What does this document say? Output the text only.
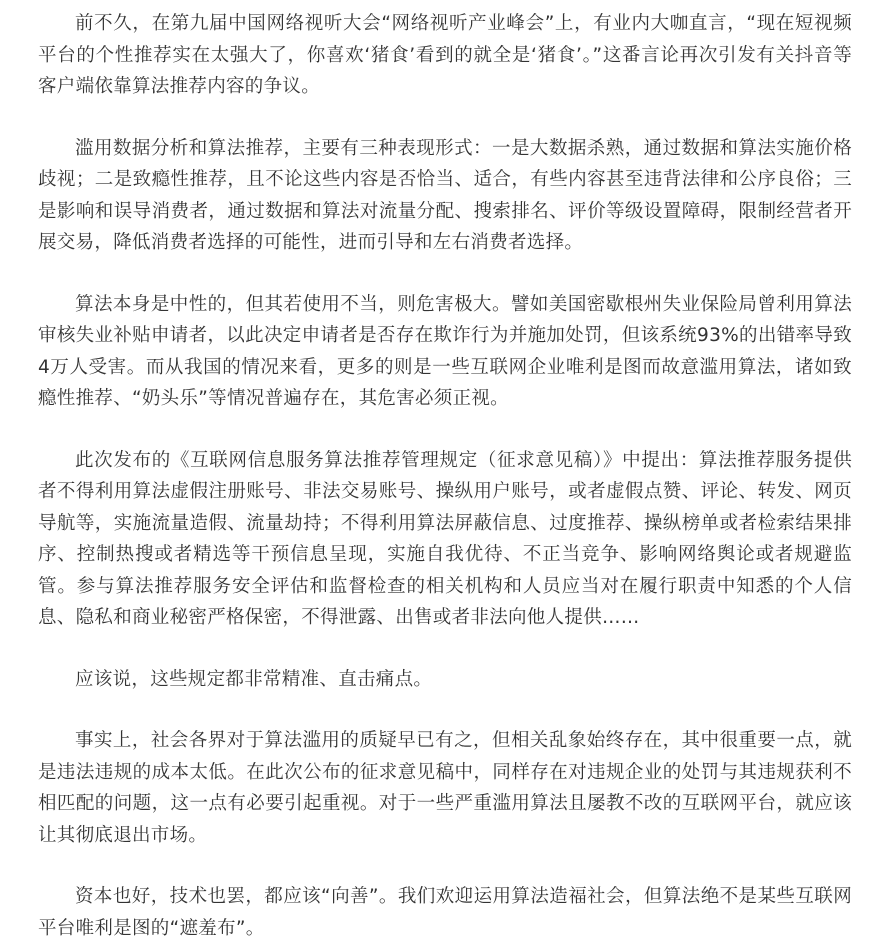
前不久，在第九届中国网络视听大会“网络视听产业峰会”上，有业内大咖直言，“现在短视频平台的个性推荐实在太强大了，你喜欢‘猪食’看到的就全是‘猪食’。”这番言论再次引发有关抖音等客户端依靠算法推荐内容的争议。

滥用数据分析和算法推荐，主要有三种表现形式：一是大数据杀熟，通过数据和算法实施价格歧视；二是致瘾性推荐，且不论这些内容是否恰当、适合，有些内容甚至违背法律和公序良俗；三是影响和误导消费者，通过数据和算法对流量分配、搜索排名、评价等级设置障碍，限制经营者开展交易，降低消费者选择的可能性，进而引导和左右消费者选择。

算法本身是中性的，但其若使用不当，则危害极大。譬如美国密歇根州失业保险局曾利用算法审核失业补贴申请者，以此决定申请者是否存在欺诈行为并施加处罚，但该系统93%的出错率导致4万人受害。而从我国的情况来看，更多的则是一些互联网企业唯利是图而故意滥用算法，诸如致瘾性推荐、“奶头乐”等情况普遍存在，其危害必须正视。

此次发布的《互联网信息服务算法推荐管理规定（征求意见稿）》中提出：算法推荐服务提供者不得利用算法虚假注册账号、非法交易账号、操纵用户账号，或者虚假点赞、评论、转发、网页导航等，实施流量造假、流量劫持；不得利用算法屏蔽信息、过度推荐、操纵榜单或者检索结果排序、控制热搜或者精选等干预信息呈现，实施自我优待、不正当竞争、影响网络舆论或者规避监管。参与算法推荐服务安全评估和监督检查的相关机构和人员应当对在履行职责中知悉的个人信息、隐私和商业秘密严格保密，不得泄露、出售或者非法向他人提供……

应该说，这些规定都非常精准、直击痛点。

事实上，社会各界对于算法滥用的质疑早已有之，但相关乱象始终存在，其中很重要一点，就是违法违规的成本太低。在此次公布的征求意见稿中，同样存在对违规企业的处罚与其违规获利不相匹配的问题，这一点有必要引起重视。对于一些严重滥用算法且屡教不改的互联网平台，就应该让其彻底退出市场。

资本也好，技术也罢，都应该“向善”。我们欢迎运用算法造福社会，但算法绝不是某些互联网平台唯利是图的“遮羞布”。
